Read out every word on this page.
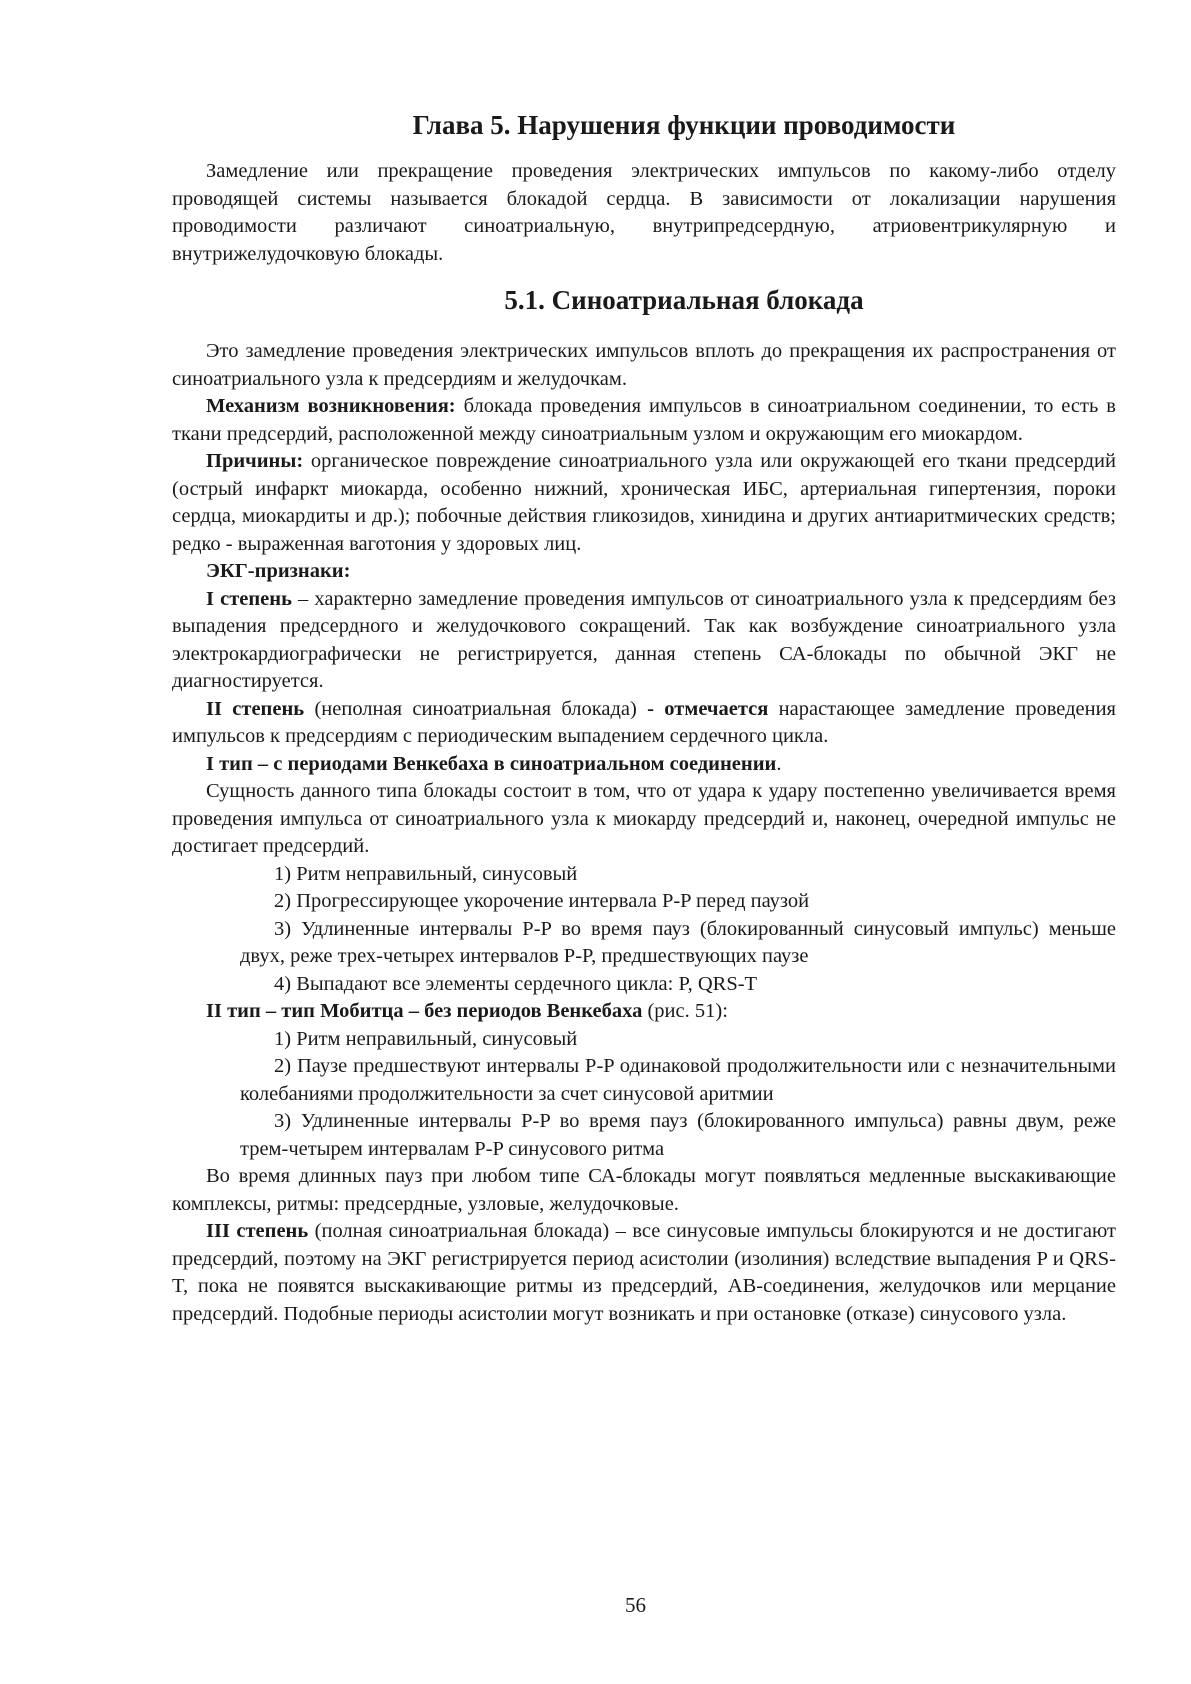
Глава 5. Нарушения функции проводимости

Замедление или прекращение проведения электрических импульсов по какому-либо отделу проводящей системы называется блокадой сердца. В зависимости от локализации нарушения проводимости различают синоатриальную, внутрипредсердную, атриовентрикулярную и внутрижелудочковую блокады.

5.1. Синоатриальная блокада

Это замедление проведения электрических импульсов вплоть до прекращения их распространения от синоатриального узла к предсердиям и желудочкам.

Механизм возникновения: блокада проведения импульсов в синоатриальном соединении, то есть в ткани предсердий, расположенной между синоатриальным узлом и окружающим его миокардом.

Причины: органическое повреждение синоатриального узла или окружающей его ткани предсердий (острый инфаркт миокарда, особенно нижний, хроническая ИБС, артериальная гипертензия, пороки сердца, миокардиты и др.); побочные действия гликозидов, хинидина и других антиаритмических средств; редко - выраженная ваготония у здоровых лиц.

ЭКГ-признаки:

I степень – характерно замедление проведения импульсов от синоатриального узла к предсердиям без выпадения предсердного и желудочкового сокращений. Так как возбуждение синоатриального узла электрокардиографически не регистрируется, данная степень СА-блокады по обычной ЭКГ не диагностируется.

II степень (неполная синоатриальная блокада) - отмечается нарастающее замедление проведения импульсов к предсердиям с периодическим выпадением сердечного цикла.

I тип – с периодами Венкебаха в синоатриальном соединении.

Сущность данного типа блокады состоит в том, что от удара к удару постепенно увеличивается время проведения импульса от синоатриального узла к миокарду предсердий и, наконец, очередной импульс не достигает предсердий.

1) Ритм неправильный, синусовый
2) Прогрессирующее укорочение интервала P-P перед паузой
3) Удлиненные интервалы P-P во время пауз (блокированный синусовый импульс) меньше двух, реже трех-четырех интервалов P-P, предшествующих паузе
4) Выпадают все элементы сердечного цикла: P, QRS-T

II тип – тип Мобитца – без периодов Венкебаха (рис. 51):

1) Ритм неправильный, синусовый
2) Паузе предшествуют интервалы P-P одинаковой продолжительности или с незначительными колебаниями продолжительности за счет синусовой аритмии
3) Удлиненные интервалы P-P во время пауз (блокированного импульса) равны двум, реже трем-четырем интервалам P-P синусового ритма

Во время длинных пауз при любом типе СА-блокады могут появляться медленные выскакивающие комплексы, ритмы: предсердные, узловые, желудочковые.

III степень (полная синоатриальная блокада) – все синусовые импульсы блокируются и не достигают предсердий, поэтому на ЭКГ регистрируется период асистолии (изолиния) вследствие выпадения P и QRS-T, пока не появятся выскакивающие ритмы из предсердий, АВ-соединения, желудочков или мерцание предсердий. Подобные периоды асистолии могут возникать и при остановке (отказе) синусового узла.

56
